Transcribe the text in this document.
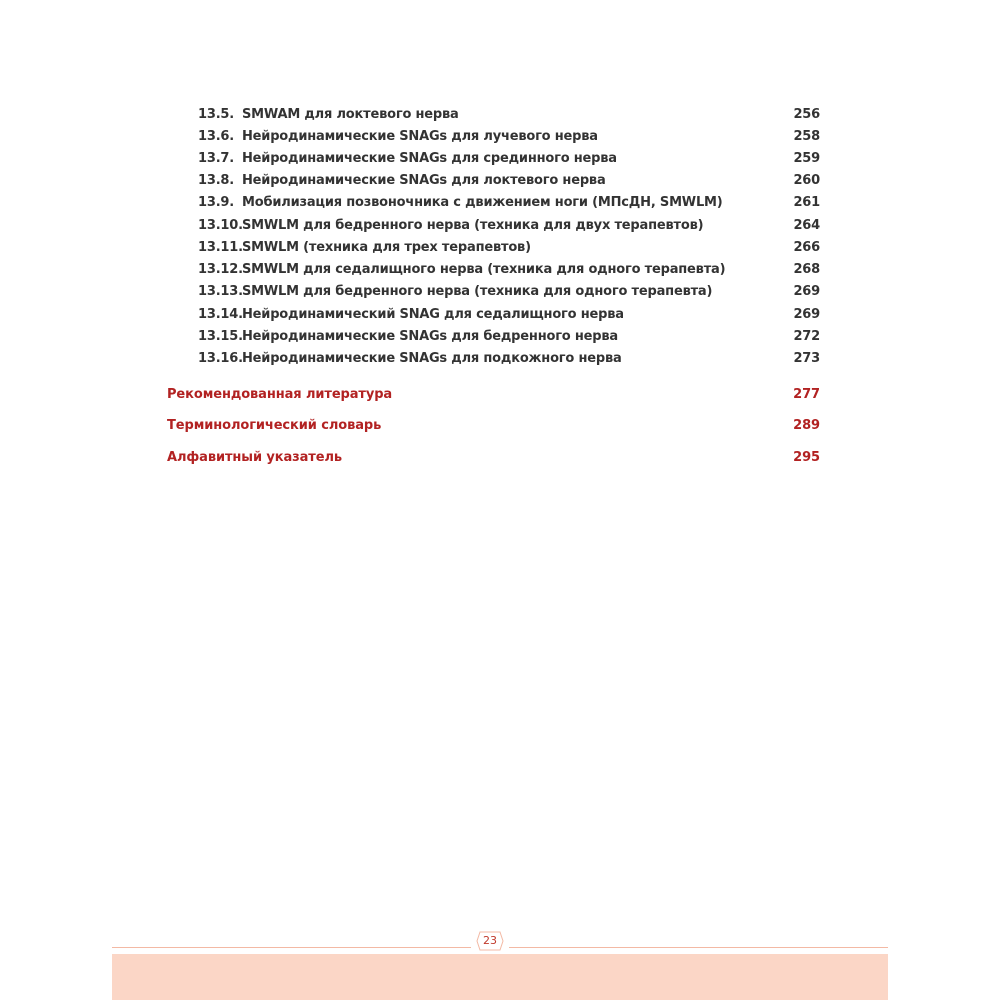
13.5. SMWAM для локтевого нерва	256
13.6. Нейродинамические SNAGs для лучевого нерва	258
13.7. Нейродинамические SNAGs для срединного нерва	259
13.8. Нейродинамические SNAGs для локтевого нерва	260
13.9. Мобилизация позвоночника с движением ноги (МПсДН, SMWLM)	261
13.10. SMWLM для бедренного нерва (техника для двух терапевтов)	264
13.11. SMWLM (техника для трех терапевтов)	266
13.12. SMWLM для седалищного нерва (техника для одного терапевта)	268
13.13. SMWLM для бедренного нерва (техника для одного терапевта)	269
13.14. Нейродинамический SNAG для седалищного нерва	269
13.15. Нейродинамические SNAGs для бедренного нерва	272
13.16. Нейродинамические SNAGs для подкожного нерва	273
Рекомендованная литература	277
Терминологический словарь	289
Алфавитный указатель	295
23
